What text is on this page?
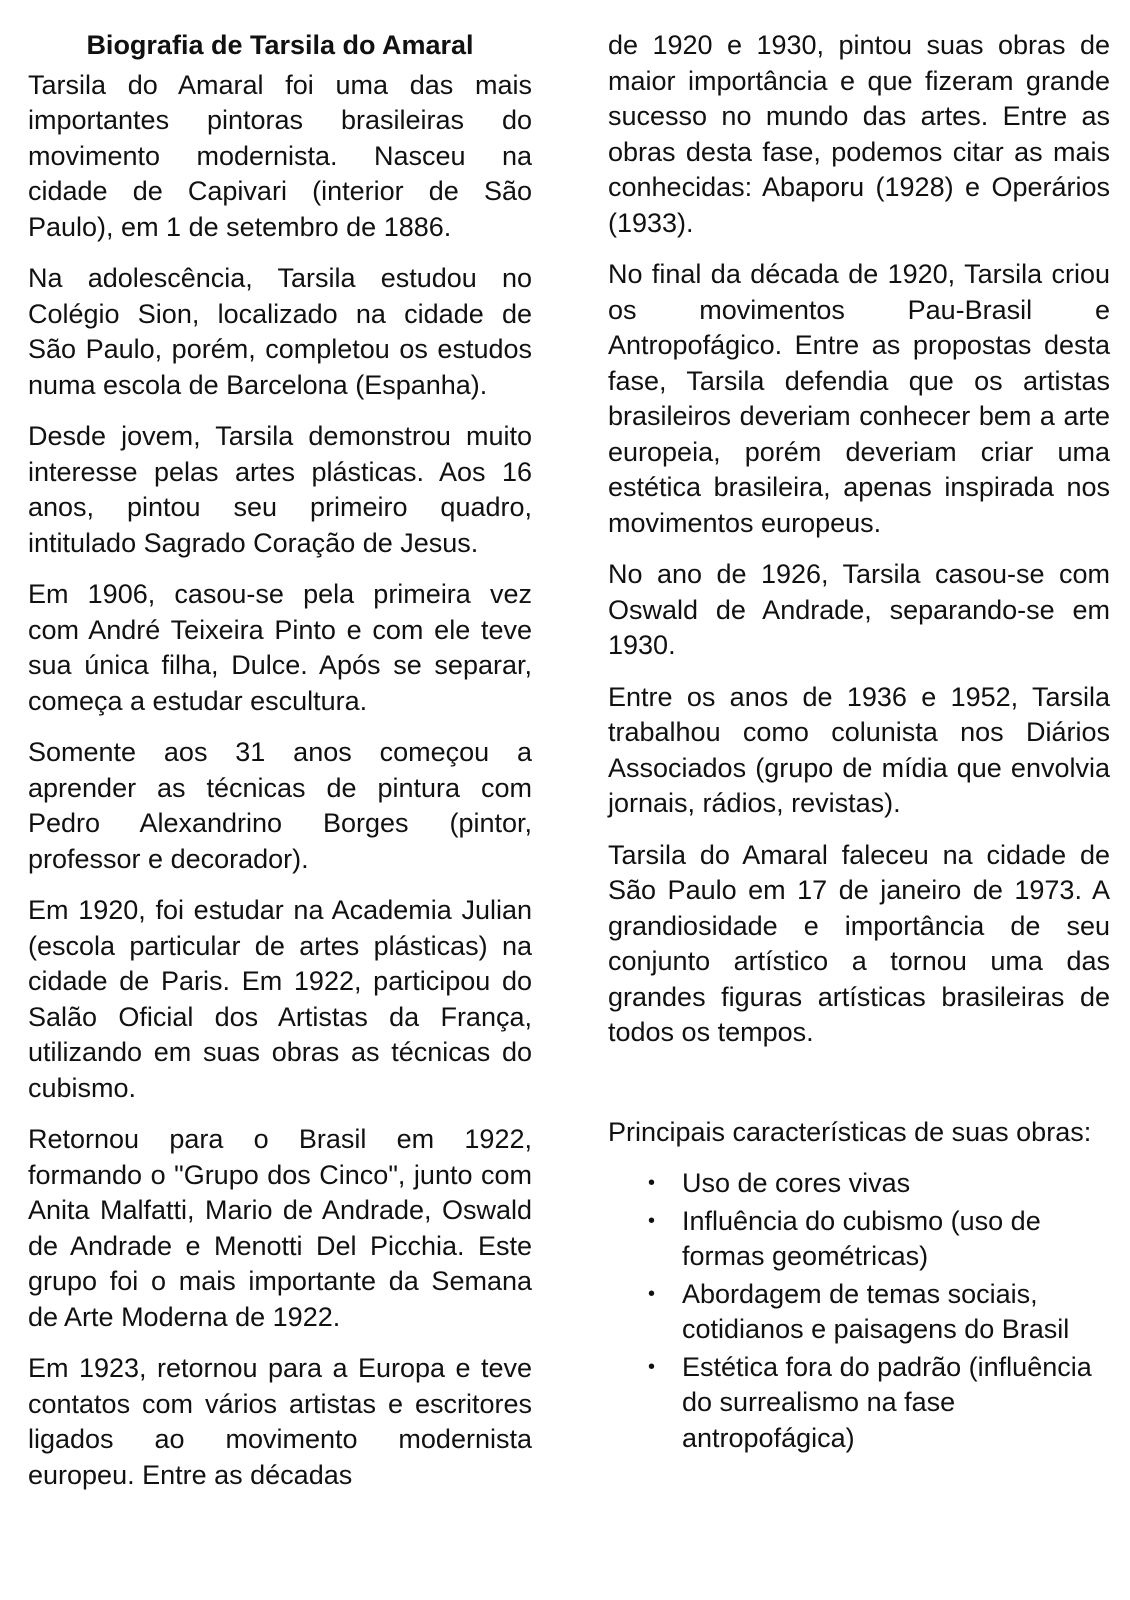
Biografia de Tarsila do Amaral

Tarsila do Amaral foi uma das mais importantes pintoras brasileiras do movimento modernista. Nasceu na cidade de Capivari (interior de São Paulo), em 1 de setembro de 1886.

Na adolescência, Tarsila estudou no Colégio Sion, localizado na cidade de São Paulo, porém, completou os estudos numa escola de Barcelona (Espanha).

Desde jovem, Tarsila demonstrou muito interesse pelas artes plásticas. Aos 16 anos, pintou seu primeiro quadro, intitulado Sagrado Coração de Jesus.

Em 1906, casou-se pela primeira vez com André Teixeira Pinto e com ele teve sua única filha, Dulce. Após se separar, começa a estudar escultura.

Somente aos 31 anos começou a aprender as técnicas de pintura com Pedro Alexandrino Borges (pintor, professor e decorador).

Em 1920, foi estudar na Academia Julian (escola particular de artes plásticas) na cidade de Paris. Em 1922, participou do Salão Oficial dos Artistas da França, utilizando em suas obras as técnicas do cubismo.

Retornou para o Brasil em 1922, formando o "Grupo dos Cinco", junto com Anita Malfatti, Mario de Andrade, Oswald de Andrade e Menotti Del Picchia. Este grupo foi o mais importante da Semana de Arte Moderna de 1922.

Em 1923, retornou para a Europa e teve contatos com vários artistas e escritores ligados ao movimento modernista europeu. Entre as décadas

de 1920 e 1930, pintou suas obras de maior importância e que fizeram grande sucesso no mundo das artes. Entre as obras desta fase, podemos citar as mais conhecidas: Abaporu (1928) e Operários (1933).

No final da década de 1920, Tarsila criou os movimentos Pau-Brasil e Antropofágico. Entre as propostas desta fase, Tarsila defendia que os artistas brasileiros deveriam conhecer bem a arte europeia, porém deveriam criar uma estética brasileira, apenas inspirada nos movimentos europeus.

No ano de 1926, Tarsila casou-se com Oswald de Andrade, separando-se em 1930.

Entre os anos de 1936 e 1952, Tarsila trabalhou como colunista nos Diários Associados (grupo de mídia que envolvia jornais, rádios, revistas).

Tarsila do Amaral faleceu na cidade de São Paulo em 17 de janeiro de 1973. A grandiosidade e importância de seu conjunto artístico a tornou uma das grandes figuras artísticas brasileiras de todos os tempos.

Principais características de suas obras:

• Uso de cores vivas
• Influência do cubismo (uso de formas geométricas)
• Abordagem de temas sociais, cotidianos e paisagens do Brasil
• Estética fora do padrão (influência do surrealismo na fase antropofágica)
